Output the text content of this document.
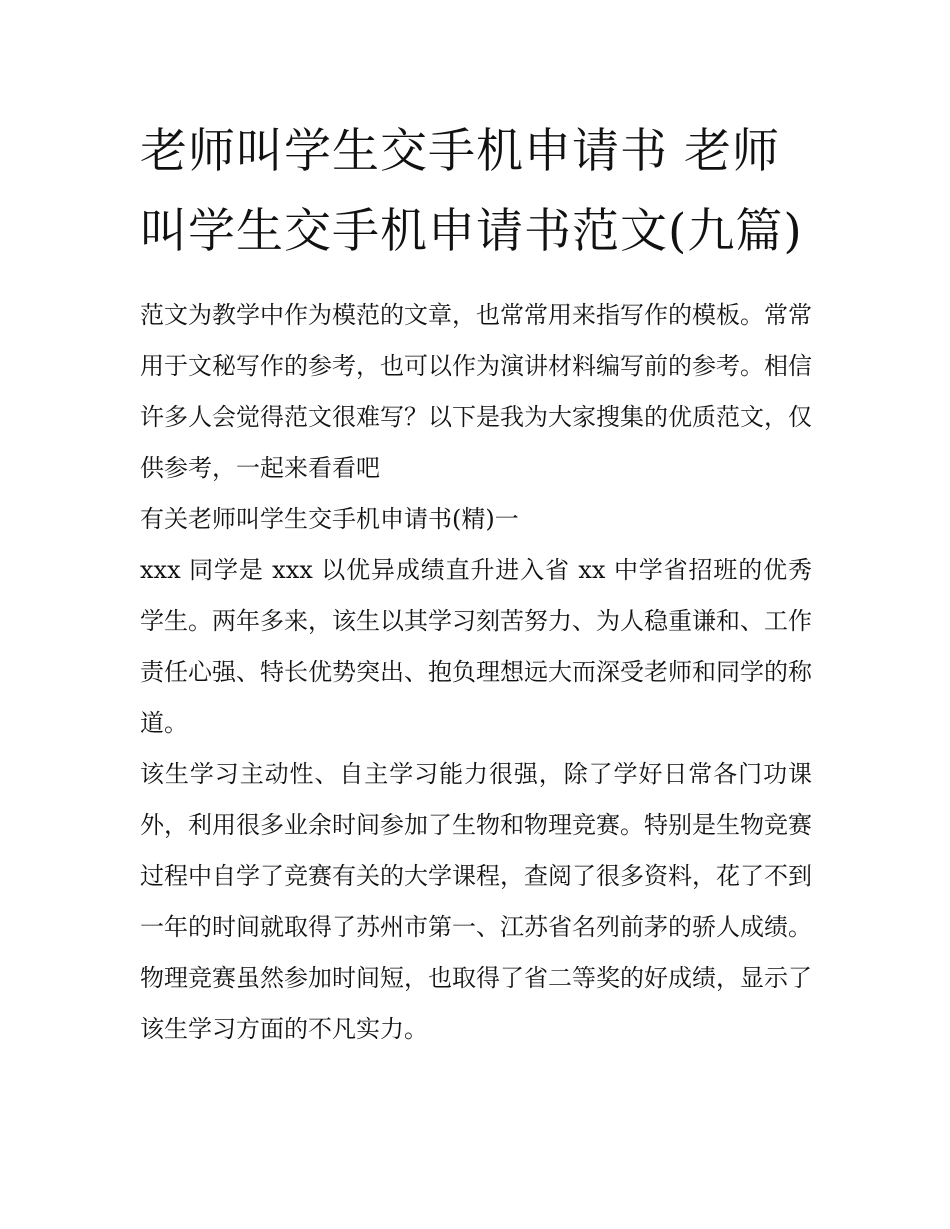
老师叫学生交手机申请书 老师叫学生交手机申请书范文(九篇)

范文为教学中作为模范的文章，也常常用来指写作的模板。常常用于文秘写作的参考，也可以作为演讲材料编写前的参考。相信许多人会觉得范文很难写？以下是我为大家搜集的优质范文，仅供参考，一起来看看吧

有关老师叫学生交手机申请书(精)一

xxx 同学是 xxx 以优异成绩直升进入省 xx 中学省招班的优秀学生。两年多来，该生以其学习刻苦努力、为人稳重谦和、工作责任心强、特长优势突出、抱负理想远大而深受老师和同学的称道。

该生学习主动性、自主学习能力很强，除了学好日常各门功课外，利用很多业余时间参加了生物和物理竞赛。特别是生物竞赛过程中自学了竞赛有关的大学课程，查阅了很多资料，花了不到一年的时间就取得了苏州市第一、江苏省名列前茅的骄人成绩。物理竞赛虽然参加时间短，也取得了省二等奖的好成绩，显示了该生学习方面的不凡实力。
